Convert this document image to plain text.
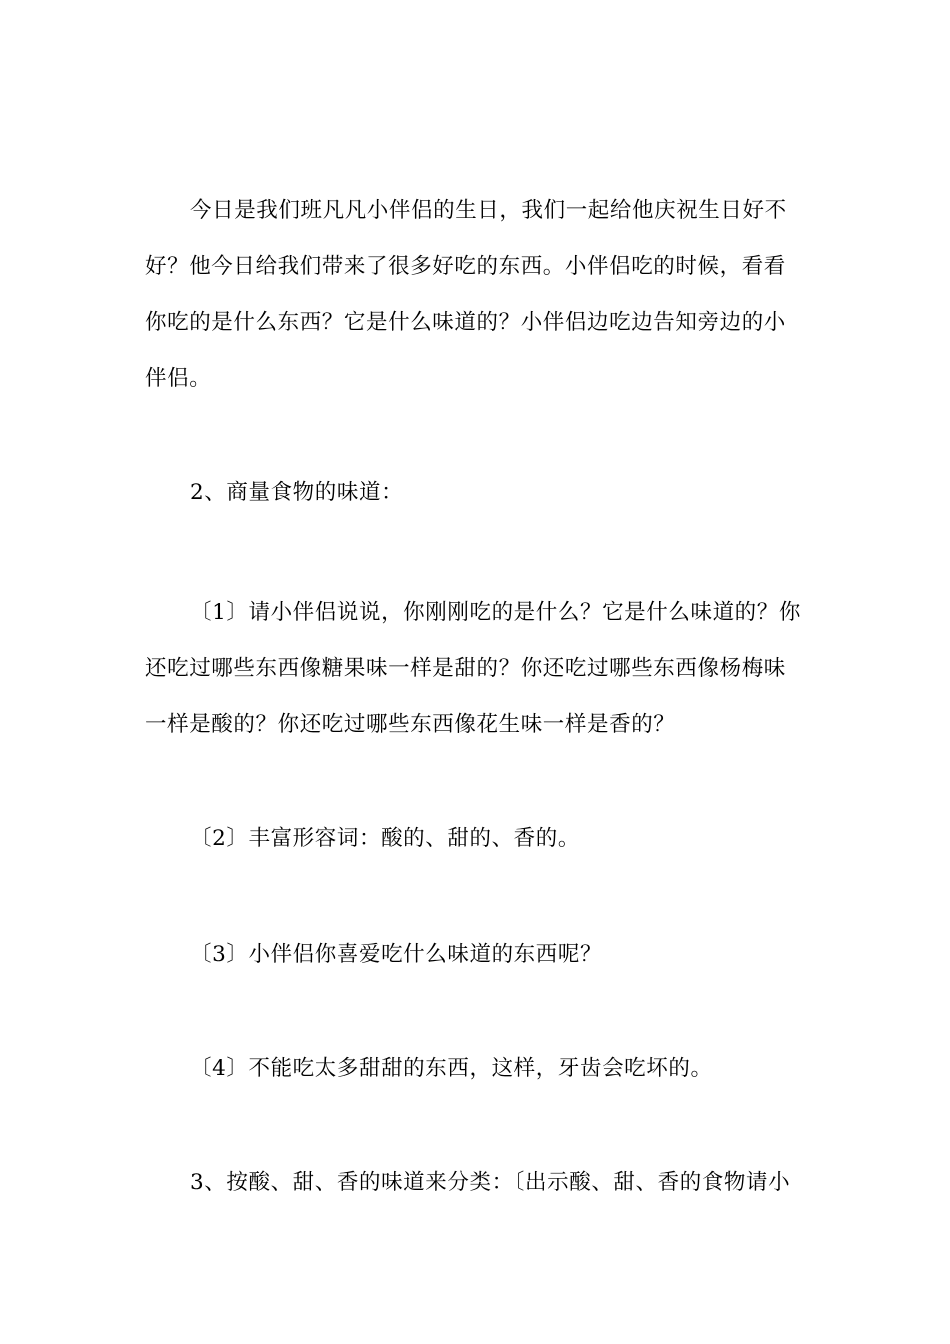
今日是我们班凡凡小伴侣的生日，我们一起给他庆祝生日好不
好？他今日给我们带来了很多好吃的东西。小伴侣吃的时候，看看
你吃的是什么东西？它是什么味道的？小伴侣边吃边告知旁边的小
伴侣。
2、商量食物的味道：
〔1〕请小伴侣说说，你刚刚吃的是什么？它是什么味道的？你
还吃过哪些东西像糖果味一样是甜的？你还吃过哪些东西像杨梅味
一样是酸的？你还吃过哪些东西像花生味一样是香的？
〔2〕丰富形容词：酸的、甜的、香的。
〔3〕小伴侣你喜爱吃什么味道的东西呢？
〔4〕不能吃太多甜甜的东西，这样，牙齿会吃坏的。
3、按酸、甜、香的味道来分类：〔出示酸、甜、香的食物请小
